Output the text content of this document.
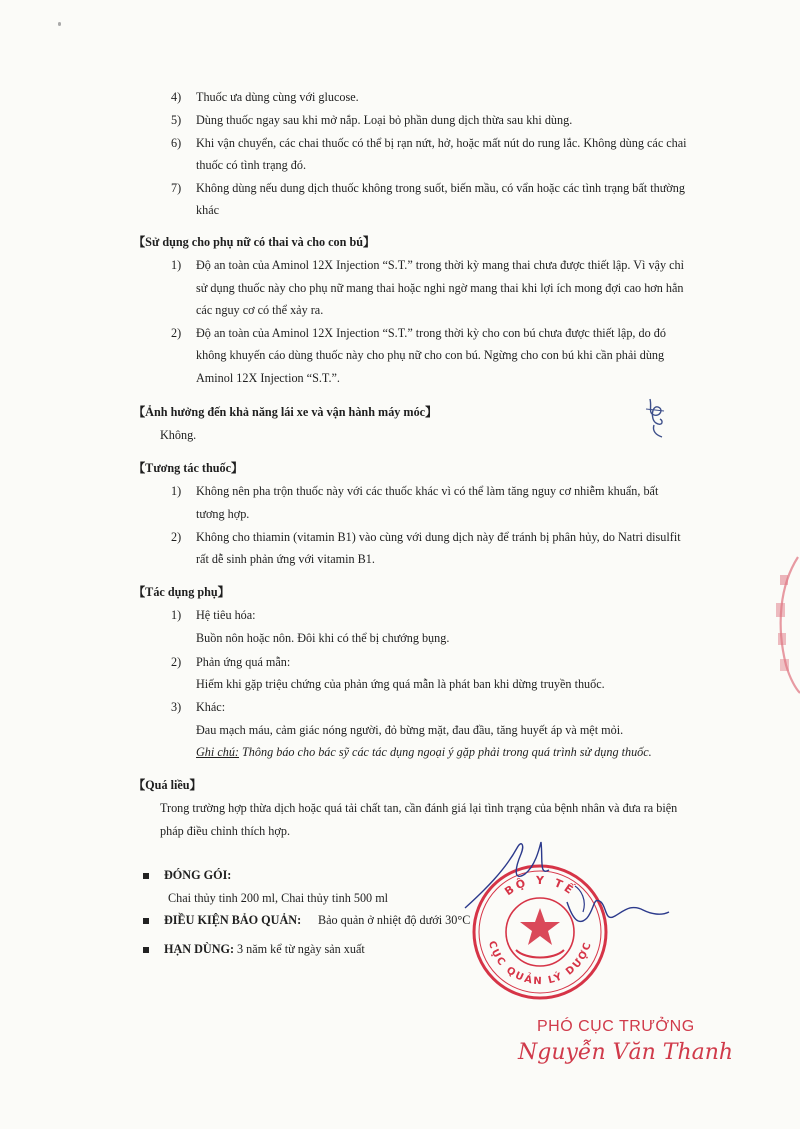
4) Thuốc ưa dùng cùng với glucose.
5) Dùng thuốc ngay sau khi mở nắp. Loại bỏ phần dung dịch thừa sau khi dùng.
6) Khi vận chuyển, các chai thuốc có thể bị rạn nứt, hở, hoặc mất nút do rung lắc. Không dùng các chai
thuốc có tình trạng đó.
7) Không dùng nếu dung dịch thuốc không trong suốt, biến mầu, có vẩn hoặc các tình trạng bất thường
khác
【Sử dụng cho phụ nữ có thai và cho con bú】
1) Độ an toàn của Aminol 12X Injection “S.T.” trong thời kỳ mang thai chưa được thiết lập. Vì vậy chỉ
sử dụng thuốc này cho phụ nữ mang thai hoặc nghi ngờ mang thai khi lợi ích mong đợi cao hơn hẳn
các nguy cơ có thể xảy ra.
2) Độ an toàn của Aminol 12X Injection “S.T.” trong thời kỳ cho con bú chưa được thiết lập, do đó
không khuyến cáo dùng thuốc này cho phụ nữ cho con bú. Ngừng cho con bú khi cần phải dùng
Aminol 12X Injection “S.T.”.
【Ảnh hưởng đến khả năng lái xe và vận hành máy móc】
Không.
【Tương tác thuốc】
1) Không nên pha trộn thuốc này với các thuốc khác vì có thể làm tăng nguy cơ nhiễm khuẩn, bất
tương hợp.
2) Không cho thiamin (vitamin B1) vào cùng với dung dịch này để tránh bị phân hủy, do Natri disulfit
rất dễ sinh phản ứng với vitamin B1.
【Tác dụng phụ】
1) Hệ tiêu hóa:
Buồn nôn hoặc nôn. Đôi khi có thể bị chướng bụng.
2) Phản ứng quá mẫn:
Hiếm khi gặp triệu chứng của phản ứng quá mẫn là phát ban khi dừng truyền thuốc.
3) Khác:
Đau mạch máu, cảm giác nóng người, đỏ bừng mặt, đau đầu, tăng huyết áp và mệt mỏi.
Ghi chú: Thông báo cho bác sỹ các tác dụng ngoại ý gặp phải trong quá trình sử dụng thuốc.
【Quá liều】
Trong trường hợp thừa dịch hoặc quá tải chất tan, cần đánh giá lại tình trạng của bệnh nhân và đưa ra biện
pháp điều chỉnh thích hợp.
ĐÓNG GÓI:
Chai thủy tinh 200 ml, Chai thủy tinh 500 ml
ĐIỀU KIỆN BẢO QUẢN: Bảo quản ở nhiệt độ dưới 30°C
HẠN DÙNG: 3 năm kể từ ngày sản xuất
BỘ Y TẾ
CỤC QUẢN LÝ DƯỢC
PHÓ CỤC TRƯỞNG
Nguyễn Văn Thanh
